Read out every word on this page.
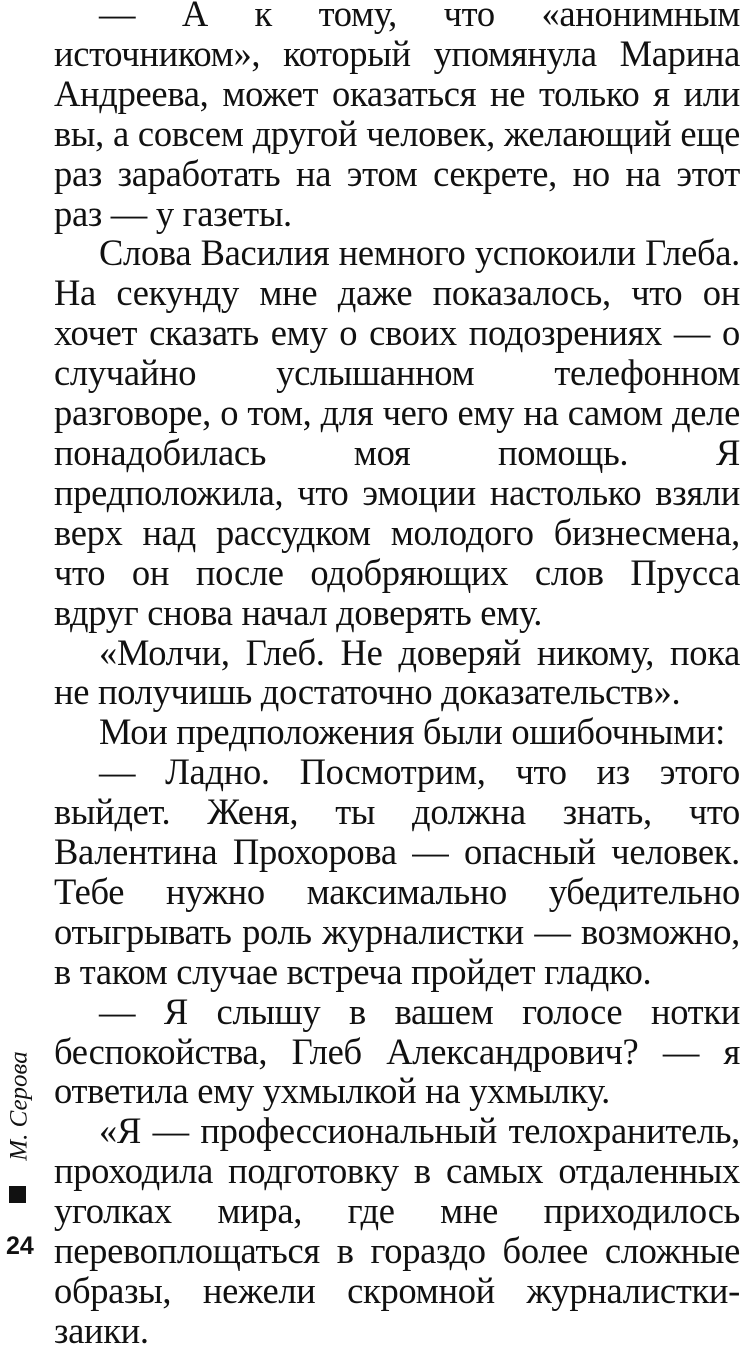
— А к тому, что «анонимным источником», который упомянула Марина Андреева, может оказаться не только я или вы, а совсем другой человек, желающий еще раз заработать на этом секрете, но на этот раз — у газеты.

Слова Василия немного успокоили Глеба. На секунду мне даже показалось, что он хочет сказать ему о своих подозрениях — о случайно услышанном телефонном разговоре, о том, для чего ему на самом деле понадобилась моя помощь. Я предположила, что эмоции настолько взяли верх над рассудком молодого бизнесмена, что он после одобряющих слов Прусса вдруг снова начал доверять ему.

«Молчи, Глеб. Не доверяй никому, пока не получишь достаточно доказательств».

Мои предположения были ошибочными:

— Ладно. Посмотрим, что из этого выйдет. Женя, ты должна знать, что Валентина Прохорова — опасный человек. Тебе нужно максимально убедительно отыгрывать роль журналистки — возможно, в таком случае встреча пройдет гладко.

— Я слышу в вашем голосе нотки беспокойства, Глеб Александрович? — я ответила ему ухмылкой на ухмылку.

«Я — профессиональный телохранитель, проходила подготовку в самых отдаленных уголках мира, где мне приходилось перевоплощаться в гораздо более сложные образы, нежели скромной журналистки-заики.

М. Серова
24
